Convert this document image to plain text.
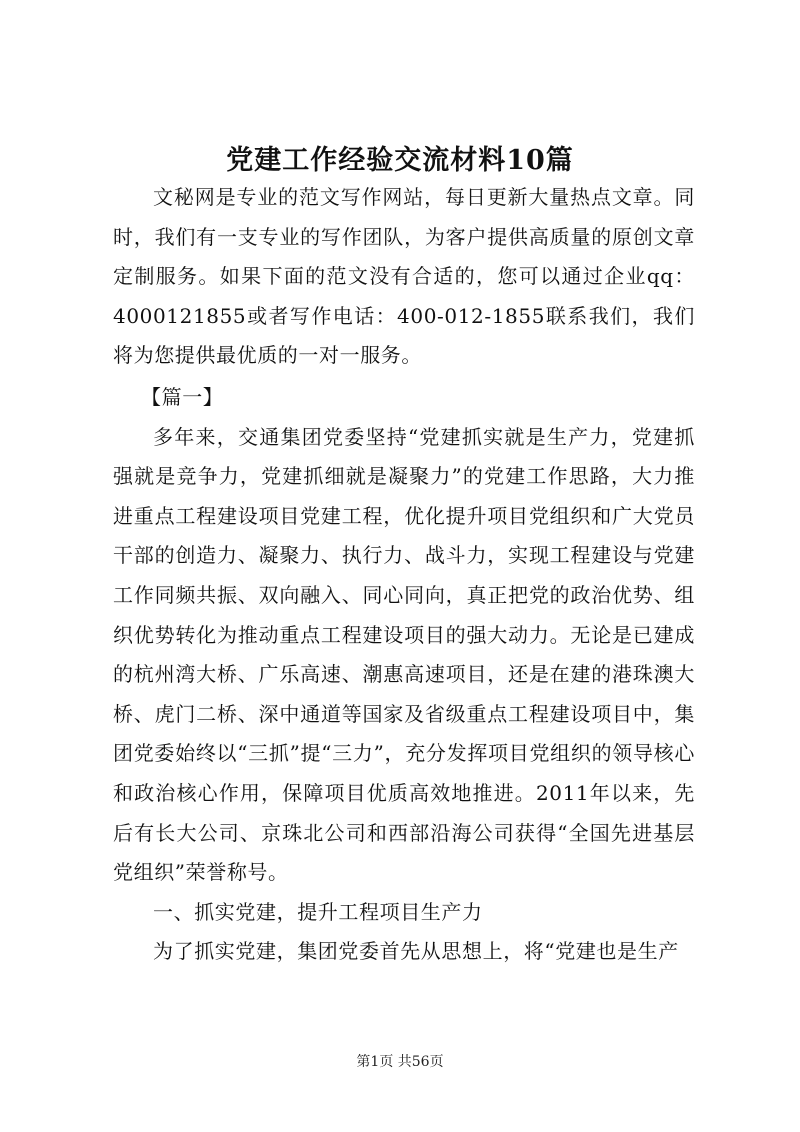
党建工作经验交流材料10篇

文秘网是专业的范文写作网站，每日更新大量热点文章。同时，我们有一支专业的写作团队，为客户提供高质量的原创文章定制服务。如果下面的范文没有合适的，您可以通过企业qq：4000121855或者写作电话：400-012-1855联系我们，我们将为您提供最优质的一对一服务。

【篇一】

多年来，交通集团党委坚持“党建抓实就是生产力，党建抓强就是竞争力，党建抓细就是凝聚力”的党建工作思路，大力推进重点工程建设项目党建工程，优化提升项目党组织和广大党员干部的创造力、凝聚力、执行力、战斗力，实现工程建设与党建工作同频共振、双向融入、同心同向，真正把党的政治优势、组织优势转化为推动重点工程建设项目的强大动力。无论是已建成的杭州湾大桥、广乐高速、潮惠高速项目，还是在建的港珠澳大桥、虎门二桥、深中通道等国家及省级重点工程建设项目中，集团党委始终以“三抓”提“三力”，充分发挥项目党组织的领导核心和政治核心作用，保障项目优质高效地推进。2011年以来，先后有长大公司、京珠北公司和西部沿海公司获得“全国先进基层党组织”荣誉称号。

一、抓实党建，提升工程项目生产力

为了抓实党建，集团党委首先从思想上，将“党建也是生产

第1页 共56页
